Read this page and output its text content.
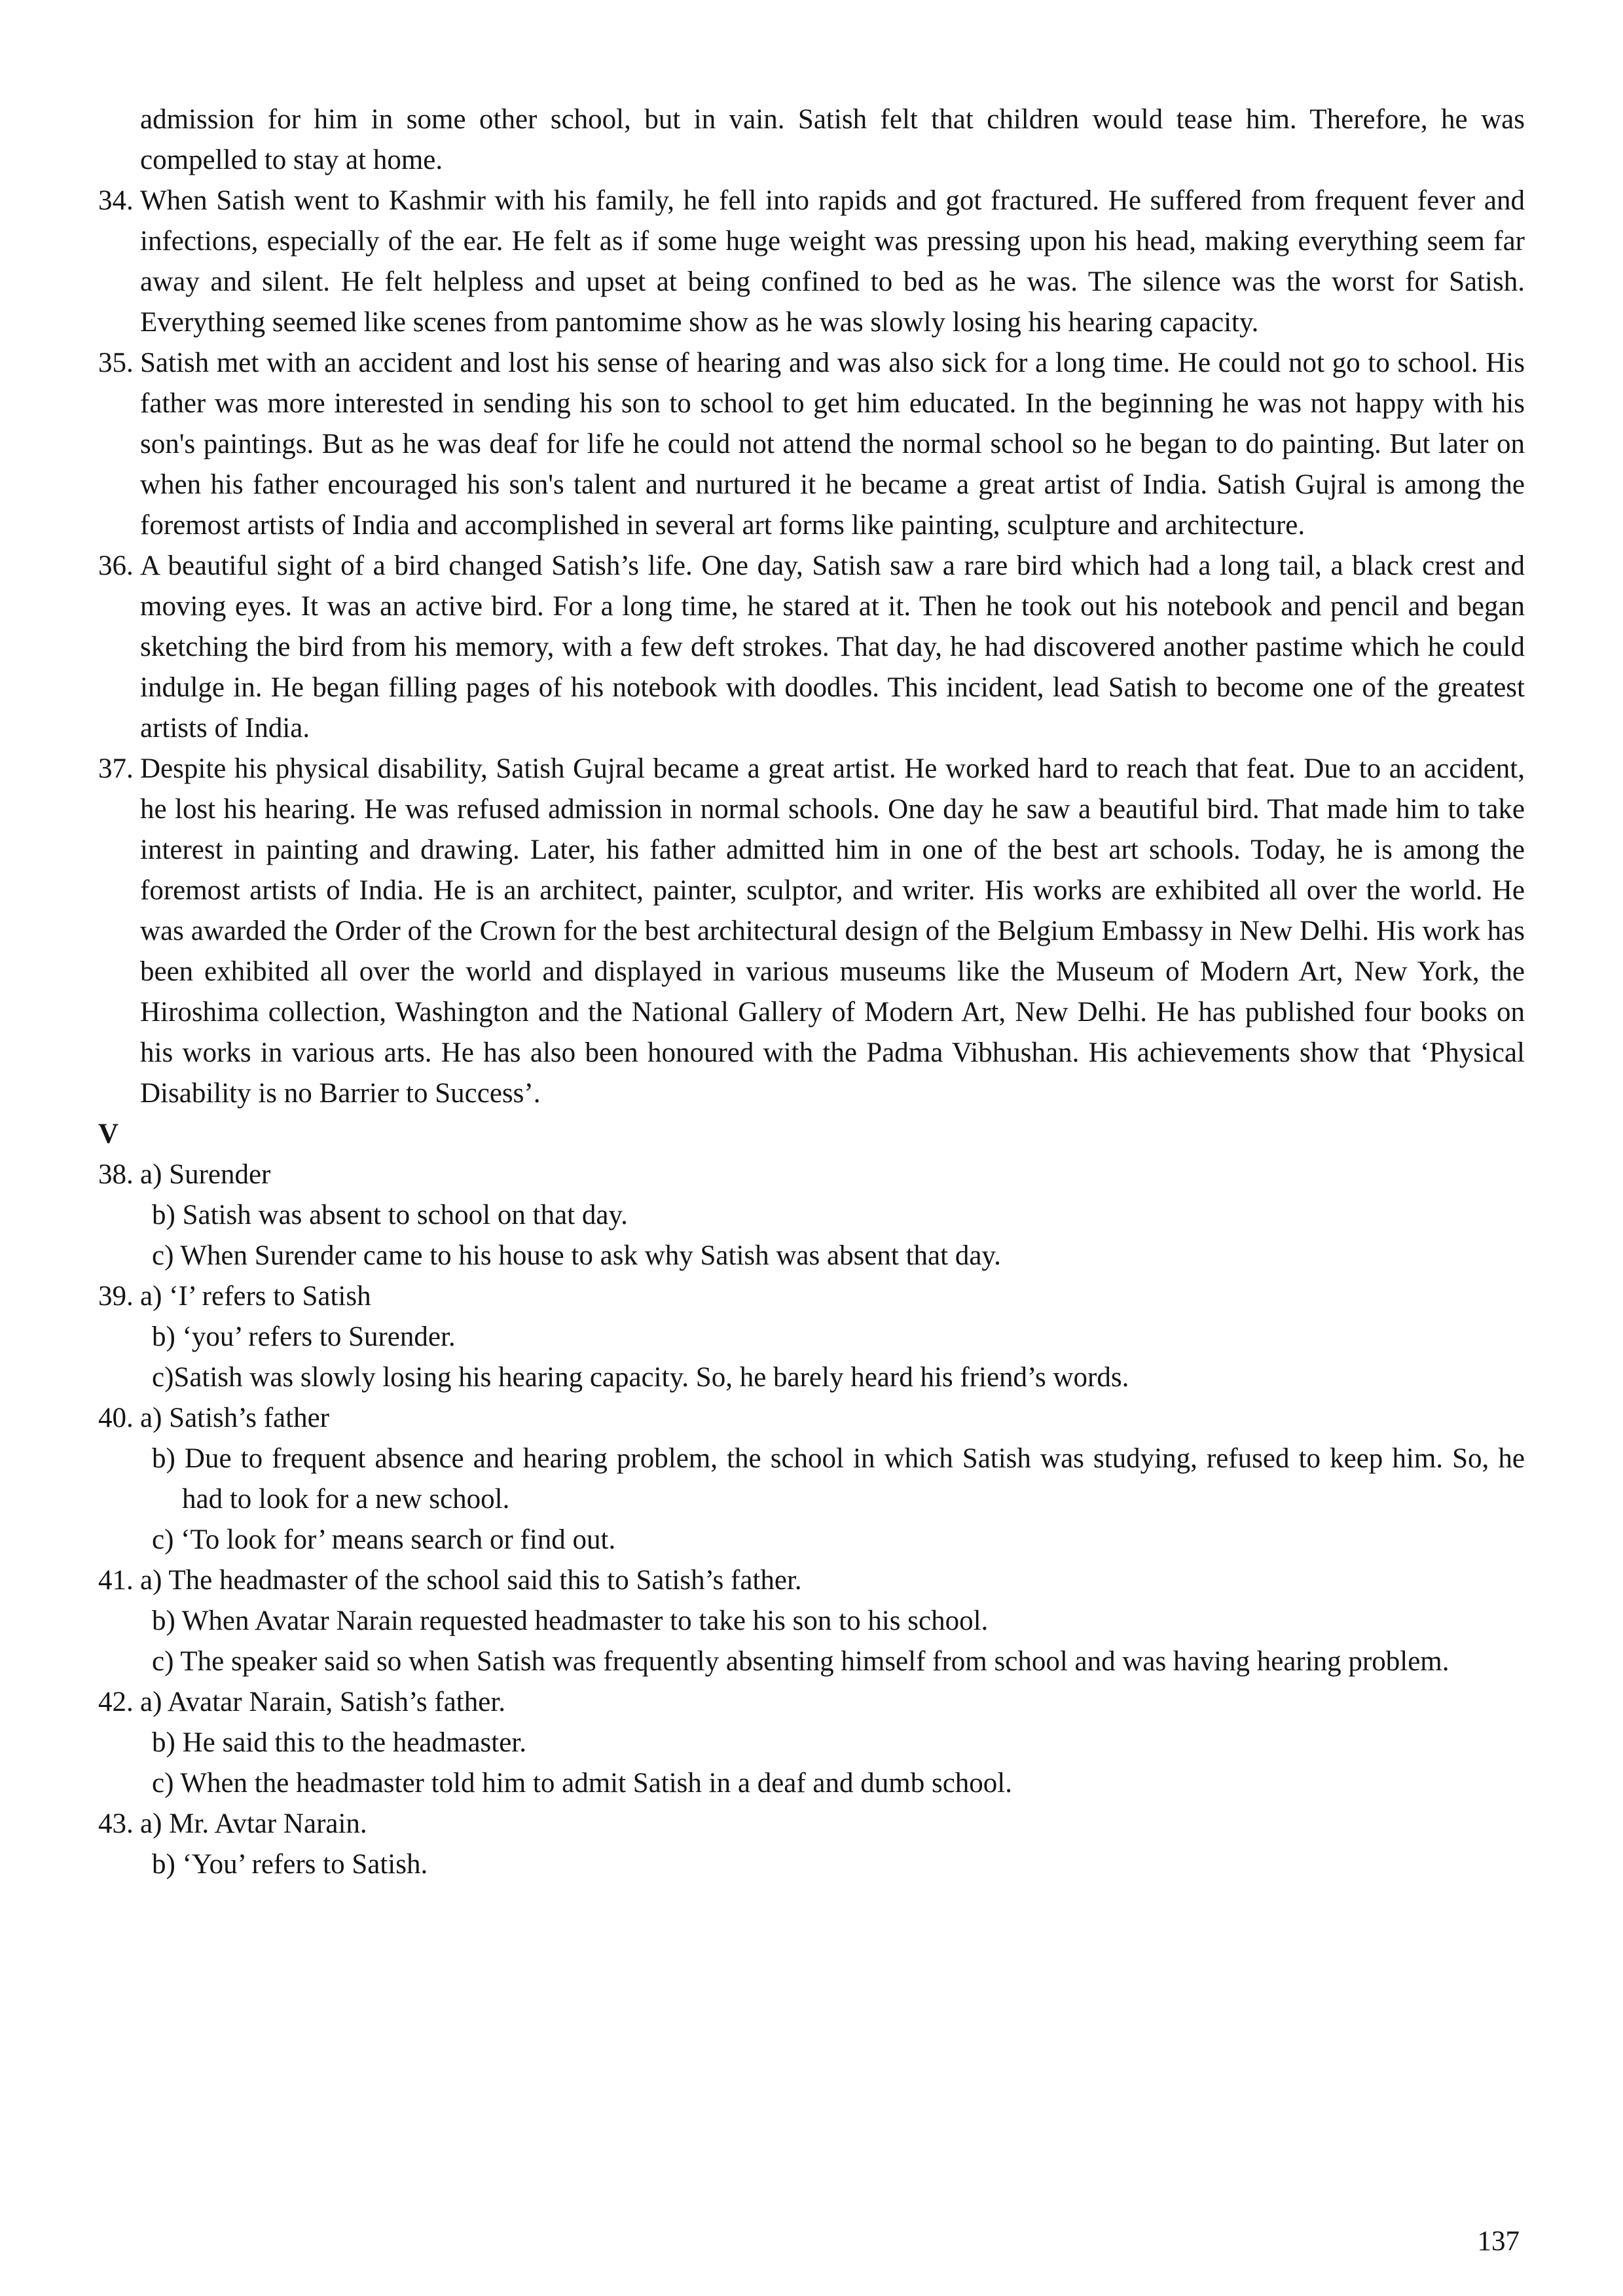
admission for him in some other school, but in vain. Satish felt that children would tease him. Therefore, he was compelled to stay at home.

34. When Satish went to Kashmir with his family, he fell into rapids and got fractured. He suffered from frequent fever and infections, especially of the ear. He felt as if some huge weight was pressing upon his head, making everything seem far away and silent. He felt helpless and upset at being confined to bed as he was. The silence was the worst for Satish. Everything seemed like scenes from pantomime show as he was slowly losing his hearing capacity.
35. Satish met with an accident and lost his sense of hearing and was also sick for a long time. He could not go to school. His father was more interested in sending his son to school to get him educated. In the beginning he was not happy with his son's paintings. But as he was deaf for life he could not attend the normal school so he began to do painting. But later on when his father encouraged his son's talent and nurtured it he became a great artist of India. Satish Gujral is among the foremost artists of India and accomplished in several art forms like painting, sculpture and architecture.
36. A beautiful sight of a bird changed Satish’s life. One day, Satish saw a rare bird which had a long tail, a black crest and moving eyes. It was an active bird. For a long time, he stared at it. Then he took out his notebook and pencil and began sketching the bird from his memory, with a few deft strokes. That day, he had discovered another pastime which he could indulge in. He began filling pages of his notebook with doodles. This incident, lead Satish to become one of the greatest artists of India.
37. Despite his physical disability, Satish Gujral became a great artist. He worked hard to reach that feat. Due to an accident, he lost his hearing. He was refused admission in normal schools. One day he saw a beautiful bird. That made him to take interest in painting and drawing. Later, his father admitted him in one of the best art schools. Today, he is among the foremost artists of India. He is an architect, painter, sculptor, and writer. His works are exhibited all over the world. He was awarded the Order of the Crown for the best architectural design of the Belgium Embassy in New Delhi. His work has been exhibited all over the world and displayed in various museums like the Museum of Modern Art, New York, the Hiroshima collection, Washington and the National Gallery of Modern Art, New Delhi. He has published four books on his works in various arts. He has also been honoured with the Padma Vibhushan. His achievements show that ‘Physical Disability is no Barrier to Success’.
V
38. a) Surender
b) Satish was absent to school on that day.
c) When Surender came to his house to ask why Satish was absent that day.
39. a) ‘I’ refers to Satish
b) ‘you’ refers to Surender.
c)Satish was slowly losing his hearing capacity. So, he barely heard his friend’s words.
40. a) Satish’s father
b) Due to frequent absence and hearing problem, the school in which Satish was studying, refused to keep him. So, he had to look for a new school.
c) ‘To look for’ means search or find out.
41. a) The headmaster of the school said this to Satish’s father.
b) When Avatar Narain requested headmaster to take his son to his school.
c) The speaker said so when Satish was frequently absenting himself from school and was having hearing problem.
42. a) Avatar Narain, Satish’s father.
b) He said this to the headmaster.
c) When the headmaster told him to admit Satish in a deaf and dumb school.
43. a) Mr. Avtar Narain.
b) ‘You’ refers to Satish.
137
